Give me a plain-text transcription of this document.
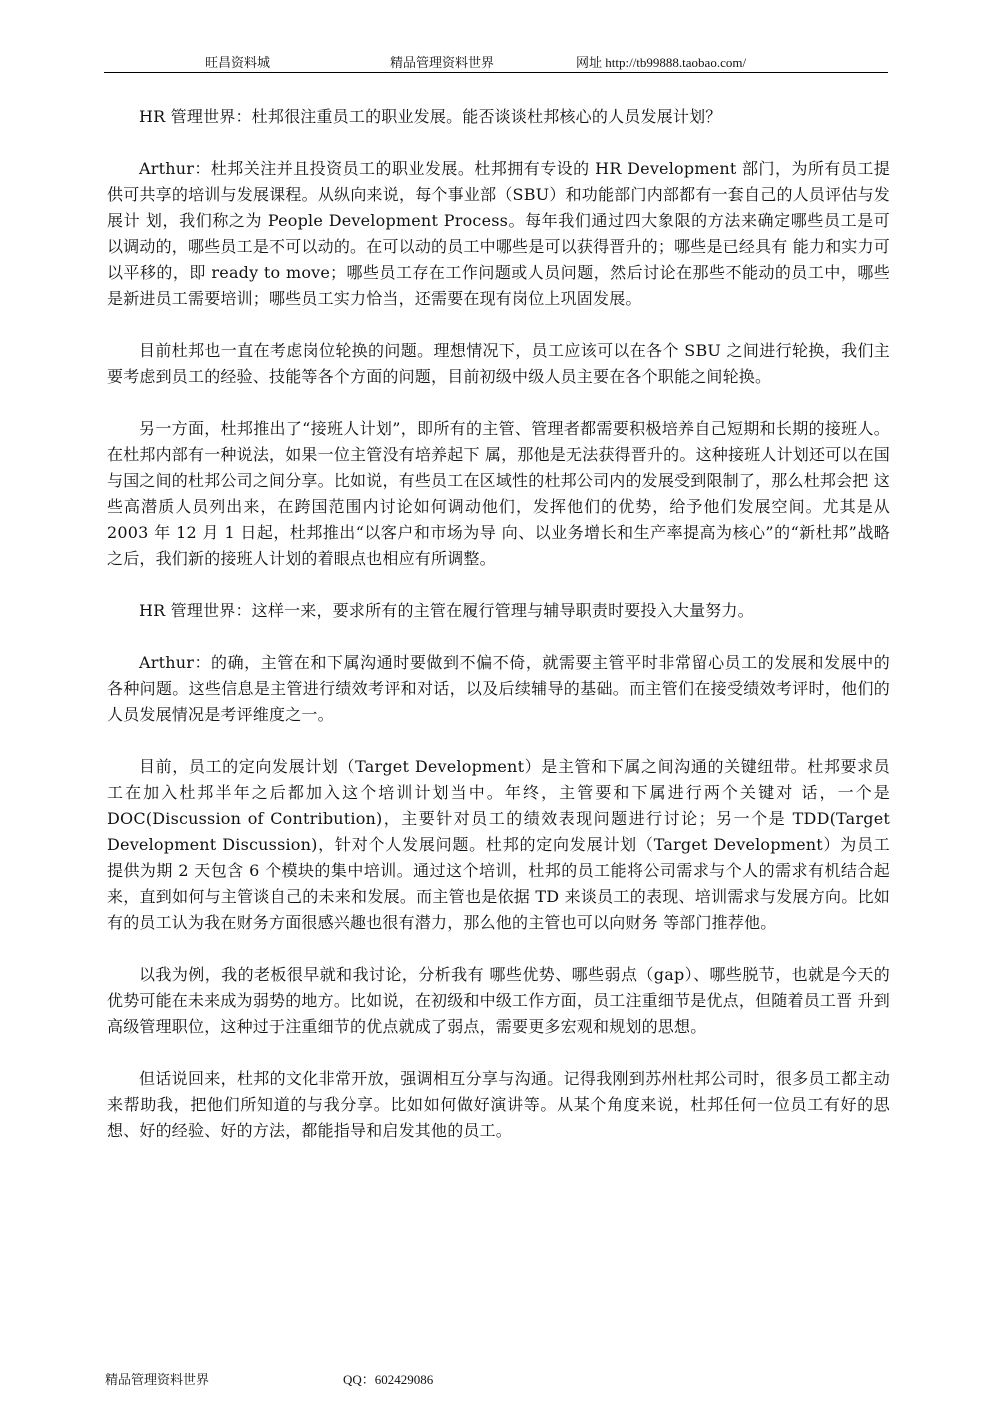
旺昌资料城	精品管理资料世界	网址 http://tb99888.taobao.com/

HR 管理世界：杜邦很注重员工的职业发展。能否谈谈杜邦核心的人员发展计划？

Arthur：杜邦关注并且投资员工的职业发展。杜邦拥有专设的 HR Development 部门，为所有员工提供可共享的培训与发展课程。从纵向来说，每个事业部（SBU）和功能部门内部都有一套自己的人员评估与发展计 划，我们称之为 People Development Process。每年我们通过四大象限的方法来确定哪些员工是可以调动的，哪些员工是不可以动的。在可以动的员工中哪些是可以获得晋升的；哪些是已经具有 能力和实力可以平移的，即 ready to move；哪些员工存在工作问题或人员问题，然后讨论在那些不能动的员工中，哪些是新进员工需要培训；哪些员工实力恰当，还需要在现有岗位上巩固发展。

目前杜邦也一直在考虑岗位轮换的问题。理想情况下，员工应该可以在各个 SBU 之间进行轮换，我们主要考虑到员工的经验、技能等各个方面的问题，目前初级中级人员主要在各个职能之间轮换。

另一方面，杜邦推出了“接班人计划”，即所有的主管、管理者都需要积极培养自己短期和长期的接班人。在杜邦内部有一种说法，如果一位主管没有培养起下 属，那他是无法获得晋升的。这种接班人计划还可以在国与国之间的杜邦公司之间分享。比如说，有些员工在区域性的杜邦公司内的发展受到限制了，那么杜邦会把 这些高潜质人员列出来，在跨国范围内讨论如何调动他们，发挥他们的优势，给予他们发展空间。尤其是从 2003 年 12 月 1 日起，杜邦推出“以客户和市场为导 向、以业务增长和生产率提高为核心”的“新杜邦”战略之后，我们新的接班人计划的着眼点也相应有所调整。

HR 管理世界：这样一来，要求所有的主管在履行管理与辅导职责时要投入大量努力。

Arthur：的确，主管在和下属沟通时要做到不偏不倚，就需要主管平时非常留心员工的发展和发展中的各种问题。这些信息是主管进行绩效考评和对话，以及后续辅导的基础。而主管们在接受绩效考评时，他们的人员发展情况是考评维度之一。

目前，员工的定向发展计划（Target Development）是主管和下属之间沟通的关键纽带。杜邦要求员工在加入杜邦半年之后都加入这个培训计划当中。年终，主管要和下属进行两个关键对 话，一个是 DOC(Discussion of Contribution)，主要针对员工的绩效表现问题进行讨论；另一个是 TDD(Target Development Discussion)，针对个人发展问题。杜邦的定向发展计划（Target Development）为员工提供为期 2 天包含 6 个模块的集中培训。通过这个培训，杜邦的员工能将公司需求与个人的需求有机结合起来，直到如何与主管谈自己的未来和发展。而主管也是依据 TD 来谈员工的表现、培训需求与发展方向。比如有的员工认为我在财务方面很感兴趣也很有潜力，那么他的主管也可以向财务 等部门推荐他。

以我为例，我的老板很早就和我讨论，分析我有 哪些优势、哪些弱点（gap）、哪些脱节，也就是今天的优势可能在未来成为弱势的地方。比如说，在初级和中级工作方面，员工注重细节是优点，但随着员工晋 升到高级管理职位，这种过于注重细节的优点就成了弱点，需要更多宏观和规划的思想。

但话说回来，杜邦的文化非常开放，强调相互分享与沟通。记得我刚到苏州杜邦公司时，很多员工都主动来帮助我，把他们所知道的与我分享。比如如何做好演讲等。从某个角度来说，杜邦任何一位员工有好的思想、好的经验、好的方法，都能指导和启发其他的员工。

精品管理资料世界	QQ：602429086
